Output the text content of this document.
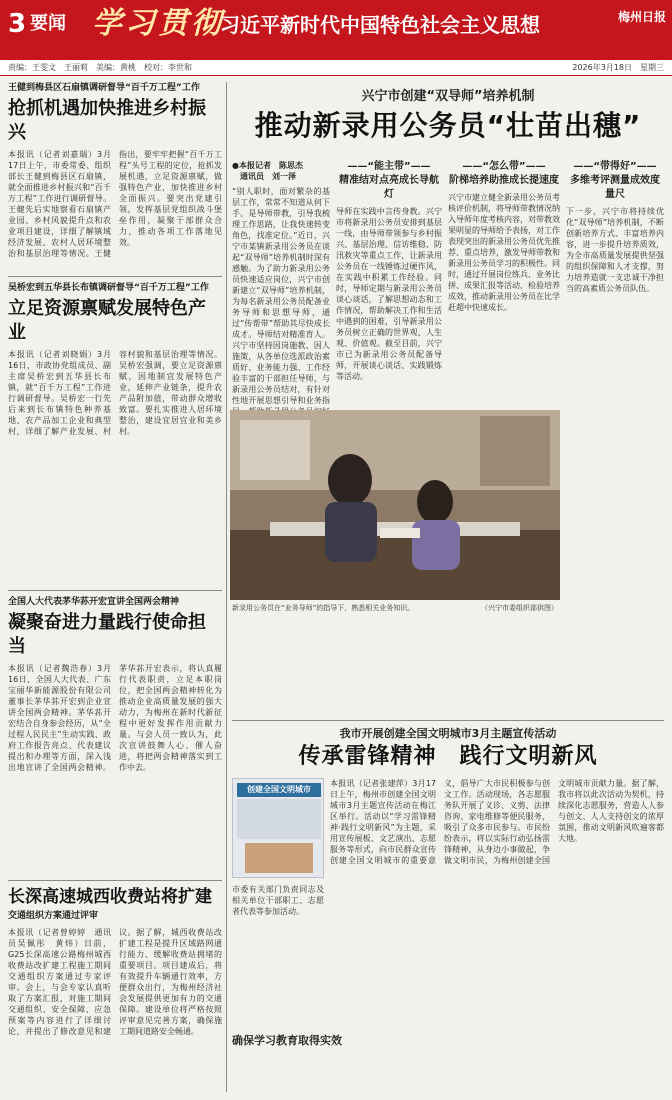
3 要闻 学习贯彻
习近平新时代中国特色社会主义思想	梅州日报
责编：王雯文　王丽莉　美编：黄桃　校对：李世和	2026年3月18日　星期三
王健到梅县区石扇镇调研督导“百千万工程”工作
抢抓机遇加快推进乡村振兴
本报讯（记者刘嘉瑞）3月17日上午，市委常委、组织部长王健到梅县区石扇镇，就全面推进乡村振兴和“百千万工程”工作进行调研督导。王健先后实地察看石扇镇产业园、乡村风貌提升点和农业项目建设，详细了解镇域经济发展、农村人居环境整治和基层治理等情况。王健指出，要牢牢把握“百千万工程”头号工程的定位，抢抓发展机遇，立足资源禀赋，做强特色产业，加快推进乡村全面振兴。要突出党建引领，发挥基层党组织战斗堡垒作用，凝聚干部群众合力，推动各项工作落地见效。
吴桥宏到五华县长布镇调研督导“百千万工程”工作
立足资源禀赋发展特色产业
本报讯（记者刘晓娟）3月16日，市政协党组成员、副主席吴桥宏到五华县长布镇，就“百千万工程”工作进行调研督导。吴桥宏一行先后来到长布镇特色种养基地、农产品加工企业和典型村，详细了解产业发展、村容村貌和基层治理等情况。吴桥宏强调，要立足资源禀赋，因地制宜发展特色产业，延伸产业链条，提升农产品附加值，带动群众增收致富。要扎实推进人居环境整治，建设宜居宜业和美乡村。
全国人大代表茅华荪开宏宣讲全国两会精神
凝聚奋进力量践行使命担当
本报讯（记者魏浩春）3月16日，全国人大代表、广东宝丽华新能源股份有限公司董事长茅华荪开宏到企业宣讲全国两会精神。茅华荪开宏结合自身参会经历，从“全过程人民民主”生动实践、政府工作报告亮点、代表建议提出和办理等方面，深入浅出地宣讲了全国两会精神。茅华荪开宏表示，将认真履行代表职责，立足本职岗位，把全国两会精神转化为推动企业高质量发展的强大动力，为梅州在新时代新征程中更好发挥作用贡献力量。与会人员一致认为，此次宣讲鼓舞人心、催人奋进，将把两会精神落实到工作中去。
长深高速城西收费站将扩建
交通组织方案通过评审
本报讯（记者曾婷婷　通讯员吴佩彤　黄炜）日前，G25长深高速公路梅州城西收费站改扩建工程施工期间交通组织方案通过专家评审。会上，与会专家认真听取了方案汇报，对施工期间交通组织、安全保障、应急预案等内容进行了详细讨论，并提出了修改意见和建议。据了解，城西收费站改扩建工程是提升区域路网通行能力、缓解收费站拥堵的重要项目。项目建成后，将有效提升车辆通行效率，方便群众出行，为梅州经济社会发展提供更加有力的交通保障。建设单位将严格按照评审意见完善方案，确保施工期间道路安全畅通。
兴宁市创建“双导师”培养机制
推动新录用公务员“壮苗出穗”
●本报记者　陈思杰
　通讯员　刘一泽
“别人职时，面对繁杂的基层工作，常常不知道从何下手。是导师带教，引导我梳理工作思路，让我快速转变角色，找准定位。”近日，兴宁市某镇新录用公务员在谈起“双导师”培养机制时深有感触。为了助力新录用公务员快速适应岗位，兴宁市创新建立“双导师”培养机制，为每名新录用公务员配备业务导师和思想导师，通过“传帮带”帮助其尽快成长成才。导师结对精准育人。兴宁市坚持因岗施教、因人施策，从各单位选派政治素质好、业务能力强、工作经验丰富的干部担任导师，与新录用公务员结对，有针对性地开展思想引导和业务指
——“能主带”——
精准结对点亮成长导航灯
导师在实践中言传身教。兴宁市将新录用公务员安排到基层一线，由导师带领参与乡村振兴、基层治理、信访维稳、防汛救灾等重点工作，让新录用公务员在一线锤炼过硬作风，在实践中积累工作经验。同时，导师定期与新录用公务员谈心谈话，了解思想动态和工作情况，帮助解决工作和生活中遇到的困难，引导新录用公务员树立正确的世界观、人生观、价值观。截至目前，兴宁市已为新录用公务员配备导师，开展谈心谈话、实践锻炼等活动。
——“怎么带”——
阶梯培养助推成长提速度
兴宁市建立健全新录用公务员考核评价机制，将导师带教情况纳入导师年度考核内容，对带教效果明显的导师给予表扬，对工作表现突出的新录用公务员优先推荐、重点培养，激发导师带教和新录用公务员学习的积极性。同时，通过开展岗位练兵、业务比拼、成果汇报等活动，检验培养成效，推动新录用公务员在比学赶超中快速成长。
——“带得好”——
多维考评测量成效度量尺
下一步，兴宁市将持续优化“双导师”培养机制，不断创新培养方式、丰富培养内容，进一步提升培养质效，为全市高质量发展提供坚强的组织保障和人才支撑，努力培养造就一支忠诚干净担当的高素质公务员队伍。
新录用公务员在“业务导师”的指导下，熟悉相关业务知识。	（兴宁市委组织部供图）
我市开展创建全国文明城市3月主题宣传活动
传承雷锋精神　践行文明新风
创建全国文明城市
本报讯（记者张建萍）3月17日上午，梅州市创建全国文明城市3月主题宣传活动在梅江区举行。活动以“学习雷锋精神·践行文明新风”为主题，采用宣传展板、文艺演出、志愿服务等形式，向市民群众宣传创建全国文明城市的重要意义，倡导广大市民积极参与创文工作。活动现场，各志愿服务队开展了义诊、义剪、法律咨询、家电维修等便民服务，吸引了众多市民参与。市民纷纷表示，将以实际行动弘扬雷锋精神，从身边小事做起，争做文明市民，为梅州创建全国文明城市贡献力量。据了解，我市将以此次活动为契机，持续深化志愿服务，营造人人参与创文、人人支持创文的浓厚氛围，推动文明新风吹遍客都大地。
市委有关部门负责同志及相关单位干部职工、志愿者代表等参加活动。
确保学习教育取得实效
